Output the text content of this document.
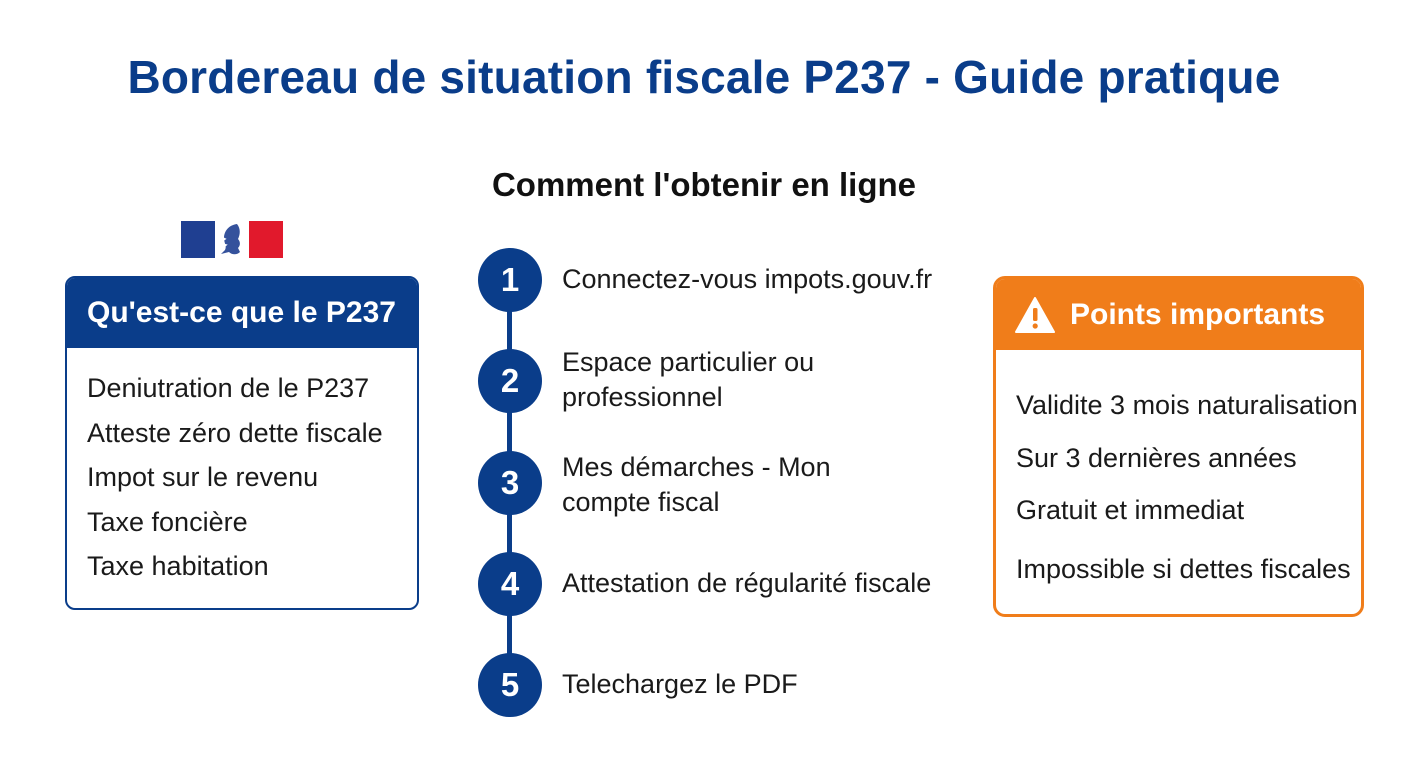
Bordereau de situation fiscale P237 - Guide pratique
Comment l'obtenir en ligne
Qu'est-ce que le P237
Deniutration de le P237
Atteste zéro dette fiscale
Impot sur le revenu
Taxe foncière
Taxe habitation
1	Connectez-vous impots.gouv.fr
2	Espace particulier ou
professionnel
3	Mes démarches - Mon
compte fiscal
4	Attestation de régularité fiscale
5	Telechargez le PDF
Points importants
Validite 3 mois naturalisation
Sur 3 dernières années
Gratuit et immediat
Impossible si dettes fiscales
